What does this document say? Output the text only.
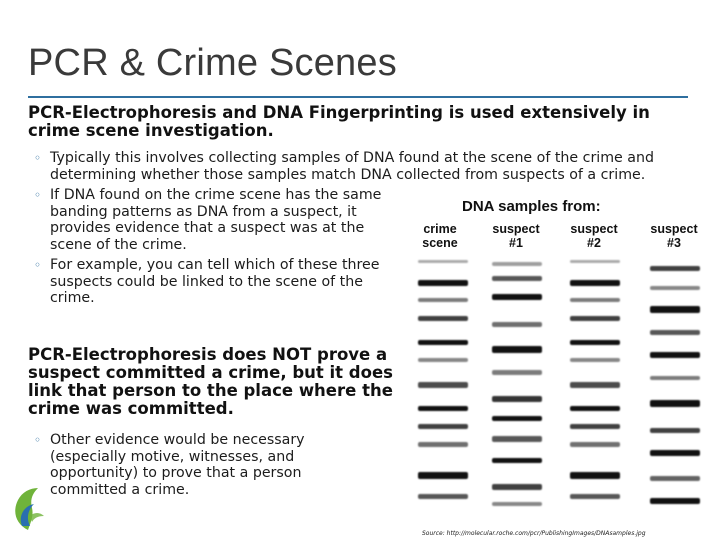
PCR & Crime Scenes

PCR-Electrophoresis and DNA Fingerprinting is used extensively in crime scene investigation.

◦ Typically this involves collecting samples of DNA found at the scene of the crime and determining whether those samples match DNA collected from suspects of a crime.
◦ If DNA found on the crime scene has the same banding patterns as DNA from a suspect, it provides evidence that a suspect was at the scene of the crime.
◦ For example, you can tell which of these three suspects could be linked to the scene of the crime.

PCR-Electrophoresis does NOT prove a suspect committed a crime, but it does link that person to the place where the crime was committed.

◦ Other evidence would be necessary (especially motive, witnesses, and opportunity) to prove that a person committed a crime.
DNA samples from:
crime
scene
suspect
#1
suspect
#2
suspect
#3
Source: http://molecular.roche.com/pcr/PublishingImages/DNAsamples.jpg
